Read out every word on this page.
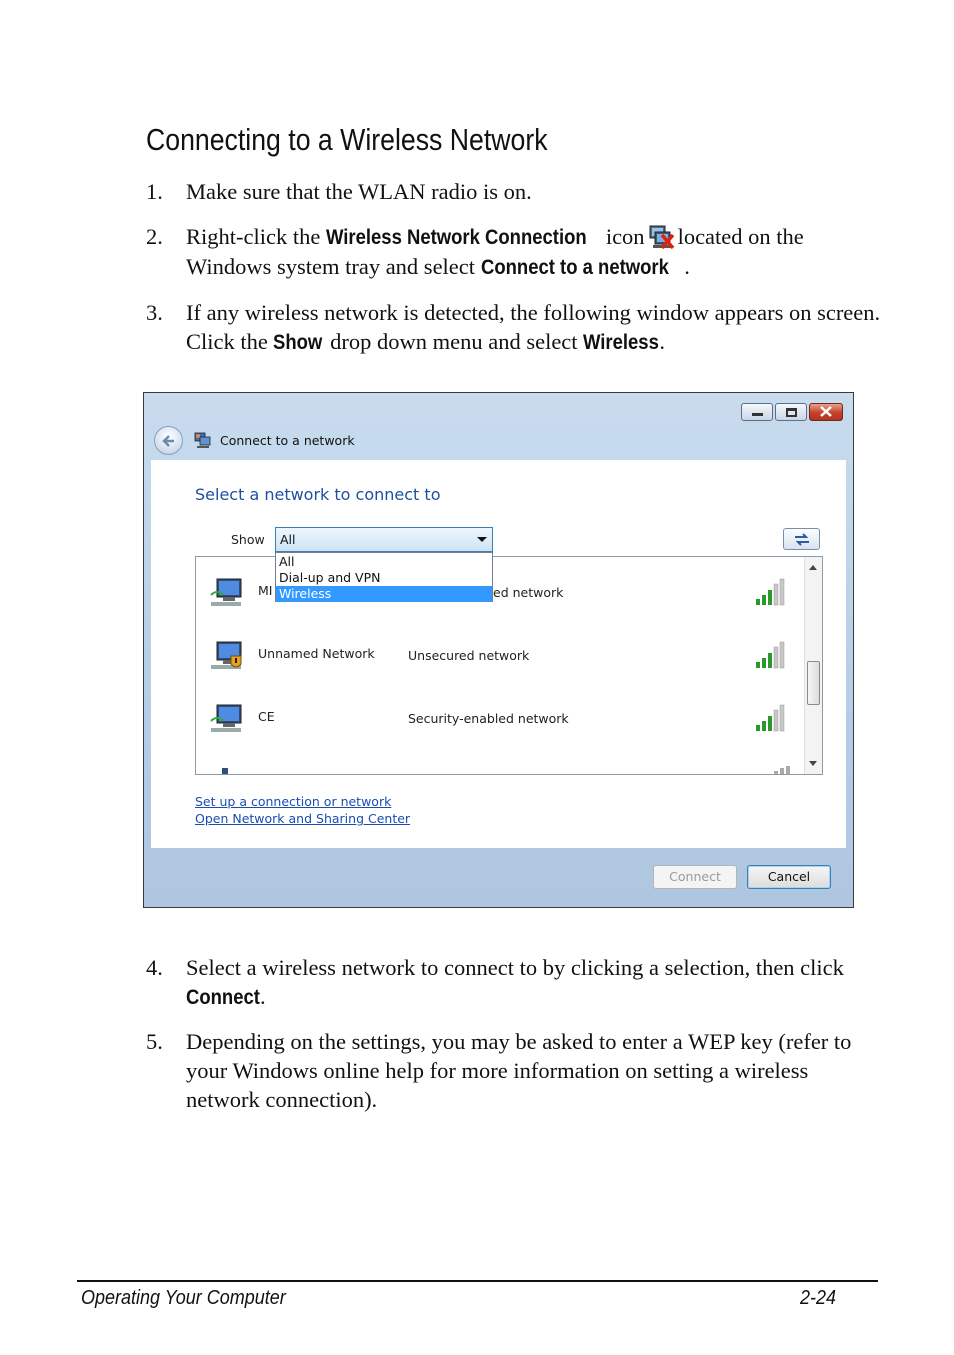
Connecting to a Wireless Network
1. Make sure that the WLAN radio is on.
2. Right-click the Wireless Network Connection icon located on the Windows system tray and select Connect to a network .
3. If any wireless network is detected, the following window appears on screen. Click the Show drop down menu and select Wireless.
Connect to a network
Select a network to connect to
Show All
MI	ed network
Unnamed Network	Unsecured network
CE	Security-enabled network
All
Dial-up and VPN
Wireless
Set up a connection or network
Open Network and Sharing Center
Connect	Cancel
4. Select a wireless network to connect to by clicking a selection, then click Connect.
5. Depending on the settings, you may be asked to enter a WEP key (refer to your Windows online help for more information on setting a wireless network connection).
Operating Your Computer	2-24
